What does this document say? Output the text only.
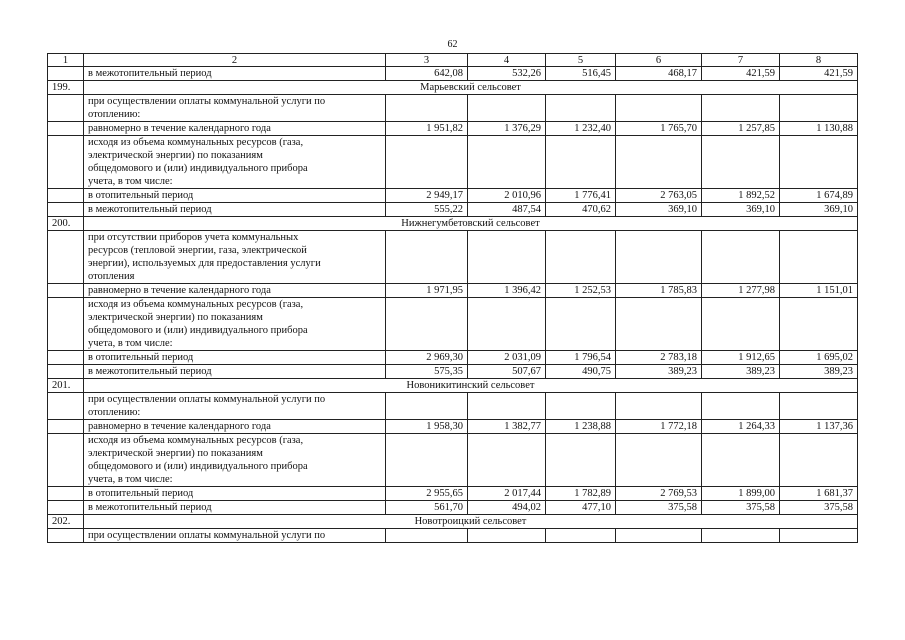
62
1	2	3	4	5	6	7	8
	в межотопительный период	642,08	532,26	516,45	468,17	421,59	421,59
199.	Марьевский сельсовет						

	при осуществлении оплаты коммунальной услуги по
отоплению:						

	равномерно в течение календарного года	1 951,82	1 376,29	1 232,40	1 765,70	1 257,85	1 130,88

	исходя из объема коммунальных ресурсов (газа,
электрической энергии) по показаниям
общедомового и (или) индивидуального прибора
учета, в том числе:						

	в отопительный период	2 949,17	2 010,96	1 776,41	2 763,05	1 892,52	1 674,89
	в межотопительный период	555,22	487,54	470,62	369,10	369,10	369,10
200.	Нижнегумбетовский сельсовет						

	при отсутствии приборов учета коммунальных
ресурсов (тепловой энергии, газа, электрической
энергии), используемых для предоставления услуги
отопления						

	равномерно в течение календарного года	1 971,95	1 396,42	1 252,53	1 785,83	1 277,98	1 151,01

	исходя из объема коммунальных ресурсов (газа,
электрической энергии) по показаниям
общедомового и (или) индивидуального прибора
учета, в том числе:						

	в отопительный период	2 969,30	2 031,09	1 796,54	2 783,18	1 912,65	1 695,02
	в межотопительный период	575,35	507,67	490,75	389,23	389,23	389,23
201.	Новоникитинский сельсовет						

	при осуществлении оплаты коммунальной услуги по
отоплению:						

	равномерно в течение календарного года	1 958,30	1 382,77	1 238,88	1 772,18	1 264,33	1 137,36

	исходя из объема коммунальных ресурсов (газа,
электрической энергии) по показаниям
общедомового и (или) индивидуального прибора
учета, в том числе:						

	в отопительный период	2 955,65	2 017,44	1 782,89	2 769,53	1 899,00	1 681,37
	в межотопительный период	561,70	494,02	477,10	375,58	375,58	375,58
202.	Новотроицкий сельсовет						

	при осуществлении оплаты коммунальной услуги по						
